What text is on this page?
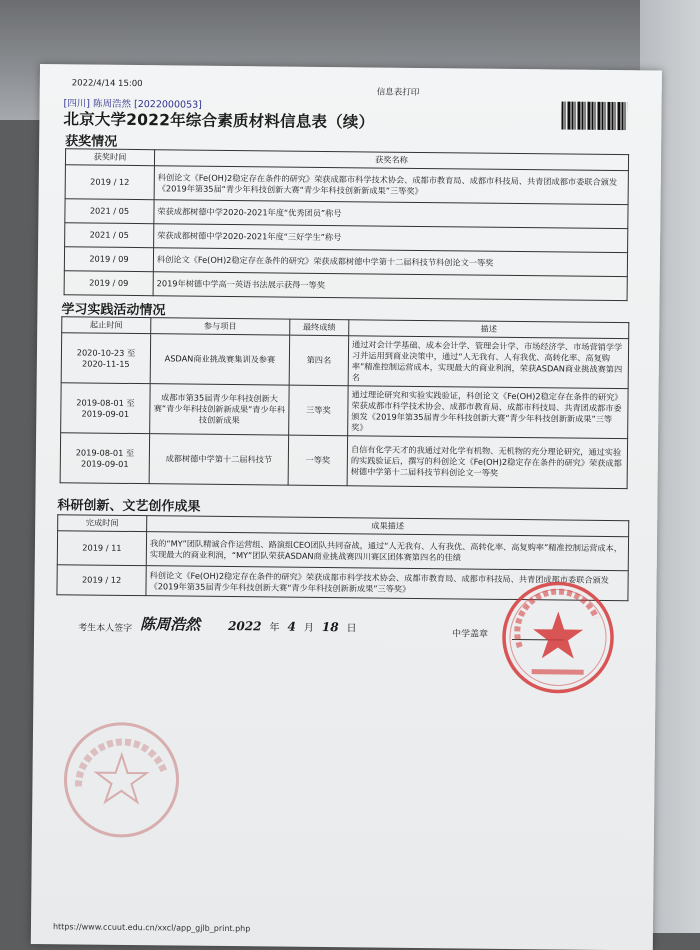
2022/4/14 15:00
信息表打印
[四川] 陈周浩然 [2022000053]
北京大学2022年综合素质材料信息表（续）
获奖情况
获奖时间	获奖名称
2019 / 12	科创论文《Fe(OH)2稳定存在条件的研究》荣获成都市科学技术协会、成都市教育局、成都市科技局、共青团成都市委联合颁发《2019年第35届“青少年科技创新大赛“青少年科技创新新成果”三等奖》
2021 / 05	荣获成都树德中学2020-2021年度“优秀团员”称号
2021 / 05	荣获成都树德中学2020-2021年度“三好学生”称号
2019 / 09	科创论文《Fe(OH)2稳定存在条件的研究》荣获成都树德中学第十二届科技节科创论文一等奖
2019 / 09	2019年树德中学高一英语书法展示获得一等奖
学习实践活动情况
起止时间	参与项目	最终成绩	描述
2020-10-23 至 2020-11-15	ASDAN商业挑战赛集训及参赛	第四名	通过对会计学基础、成本会计学、管理会计学、市场经济学、市场营销学学习并运用到商业决策中，通过“人无我有、人有我优、高转化率、高复购率”精准控制运营成本，实现最大的商业利润，荣获ASDAN商业挑战赛第四名
2019-08-01 至 2019-09-01	成都市第35届青少年科技创新大赛“青少年科技创新新成果”青少年科技创新成果	三等奖	通过理论研究和实验实践验证，科创论文《Fe(OH)2稳定存在条件的研究》荣获成都市科学技术协会、成都市教育局、成都市科技局、共青团成都市委颁发《2019年第35届青少年科技创新大赛“青少年科技创新新成果”三等奖》
2019-08-01 至 2019-09-01	成都树德中学第十二届科技节	一等奖	自信有化学天才的我通过对化学有机物、无机物的充分理论研究，通过实验的实践验证后，撰写的科创论文《Fe(OH)2稳定存在条件的研究》荣获成都树德中学第十二届科技节科创论文一等奖
科研创新、文艺创作成果
完成时间	成果描述
2019 / 11	我的“MY”团队精诚合作运营组、路演组CEO团队共同奋战，通过“人无我有、人有我优、高转化率、高复购率”精准控制运营成本，实现最大的商业利润，“MY”团队荣获ASDAN商业挑战赛四川赛区团体赛第四名的佳绩
2019 / 12	科创论文《Fe(OH)2稳定存在条件的研究》荣获成都市科学技术协会、成都市教育局、成都市科技局、共青团成都市委联合颁发《2019年第35届青少年科技创新大赛“青少年科技创新新成果”三等奖》
考生本人签字 陈周浩然	2022 年 4 月 18 日
中学盖章
https://www.ccuut.edu.cn/xxcl/app_gjlb_print.php
